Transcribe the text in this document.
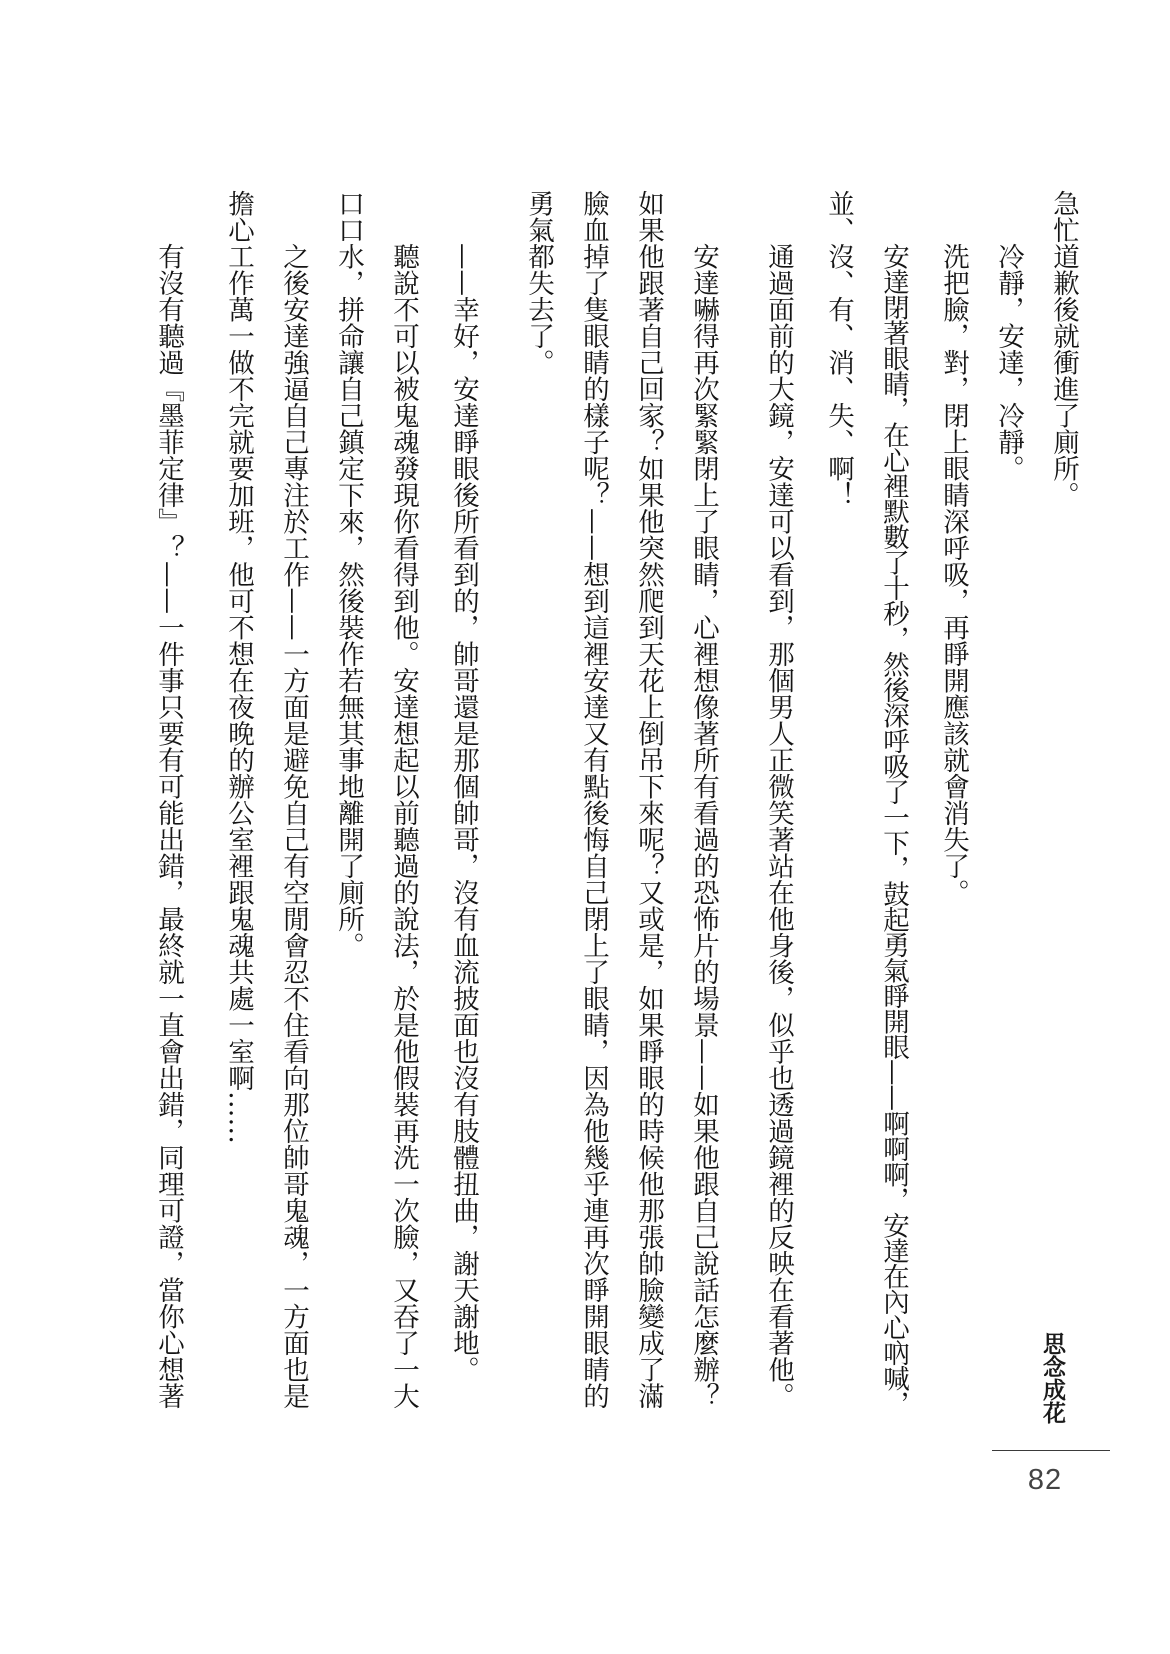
急忙道歉後就衝進了廁所。
冷靜，安達，冷靜。
洗把臉，對，閉上眼睛深呼吸，再睜開應該就會消失了。
安達閉著眼睛，在心裡默數了十秒，然後深呼吸了一下，鼓起勇氣睜開眼——啊啊啊，安達在內心吶喊，
並、沒、有、消、失、啊！
通過面前的大鏡，安達可以看到，那個男人正微笑著站在他身後，似乎也透過鏡裡的反映在看著他。
安達嚇得再次緊緊閉上了眼睛，心裡想像著所有看過的恐怖片的場景——如果他跟自己說話怎麼辦？
如果他跟著自己回家？如果他突然爬到天花上倒吊下來呢？又或是，如果睜眼的時候他那張帥臉變成了滿
臉血掉了隻眼睛的樣子呢？——想到這裡安達又有點後悔自己閉上了眼睛，因為他幾乎連再次睜開眼睛的
勇氣都失去了。
——幸好，安達睜眼後所看到的，帥哥還是那個帥哥，沒有血流披面也沒有肢體扭曲，謝天謝地。
聽說不可以被鬼魂發現你看得到他。安達想起以前聽過的說法，於是他假裝再洗一次臉，又吞了一大
口口水，拼命讓自己鎮定下來，然後裝作若無其事地離開了廁所。
之後安達強逼自己專注於工作——一方面是避免自己有空閒會忍不住看向那位帥哥鬼魂，一方面也是
擔心工作萬一做不完就要加班，他可不想在夜晚的辦公室裡跟鬼魂共處一室啊……
有沒有聽過『墨菲定律』？——一件事只要有可能出錯，最終就一直會出錯，同理可證，當你心想著	思念成花
82
